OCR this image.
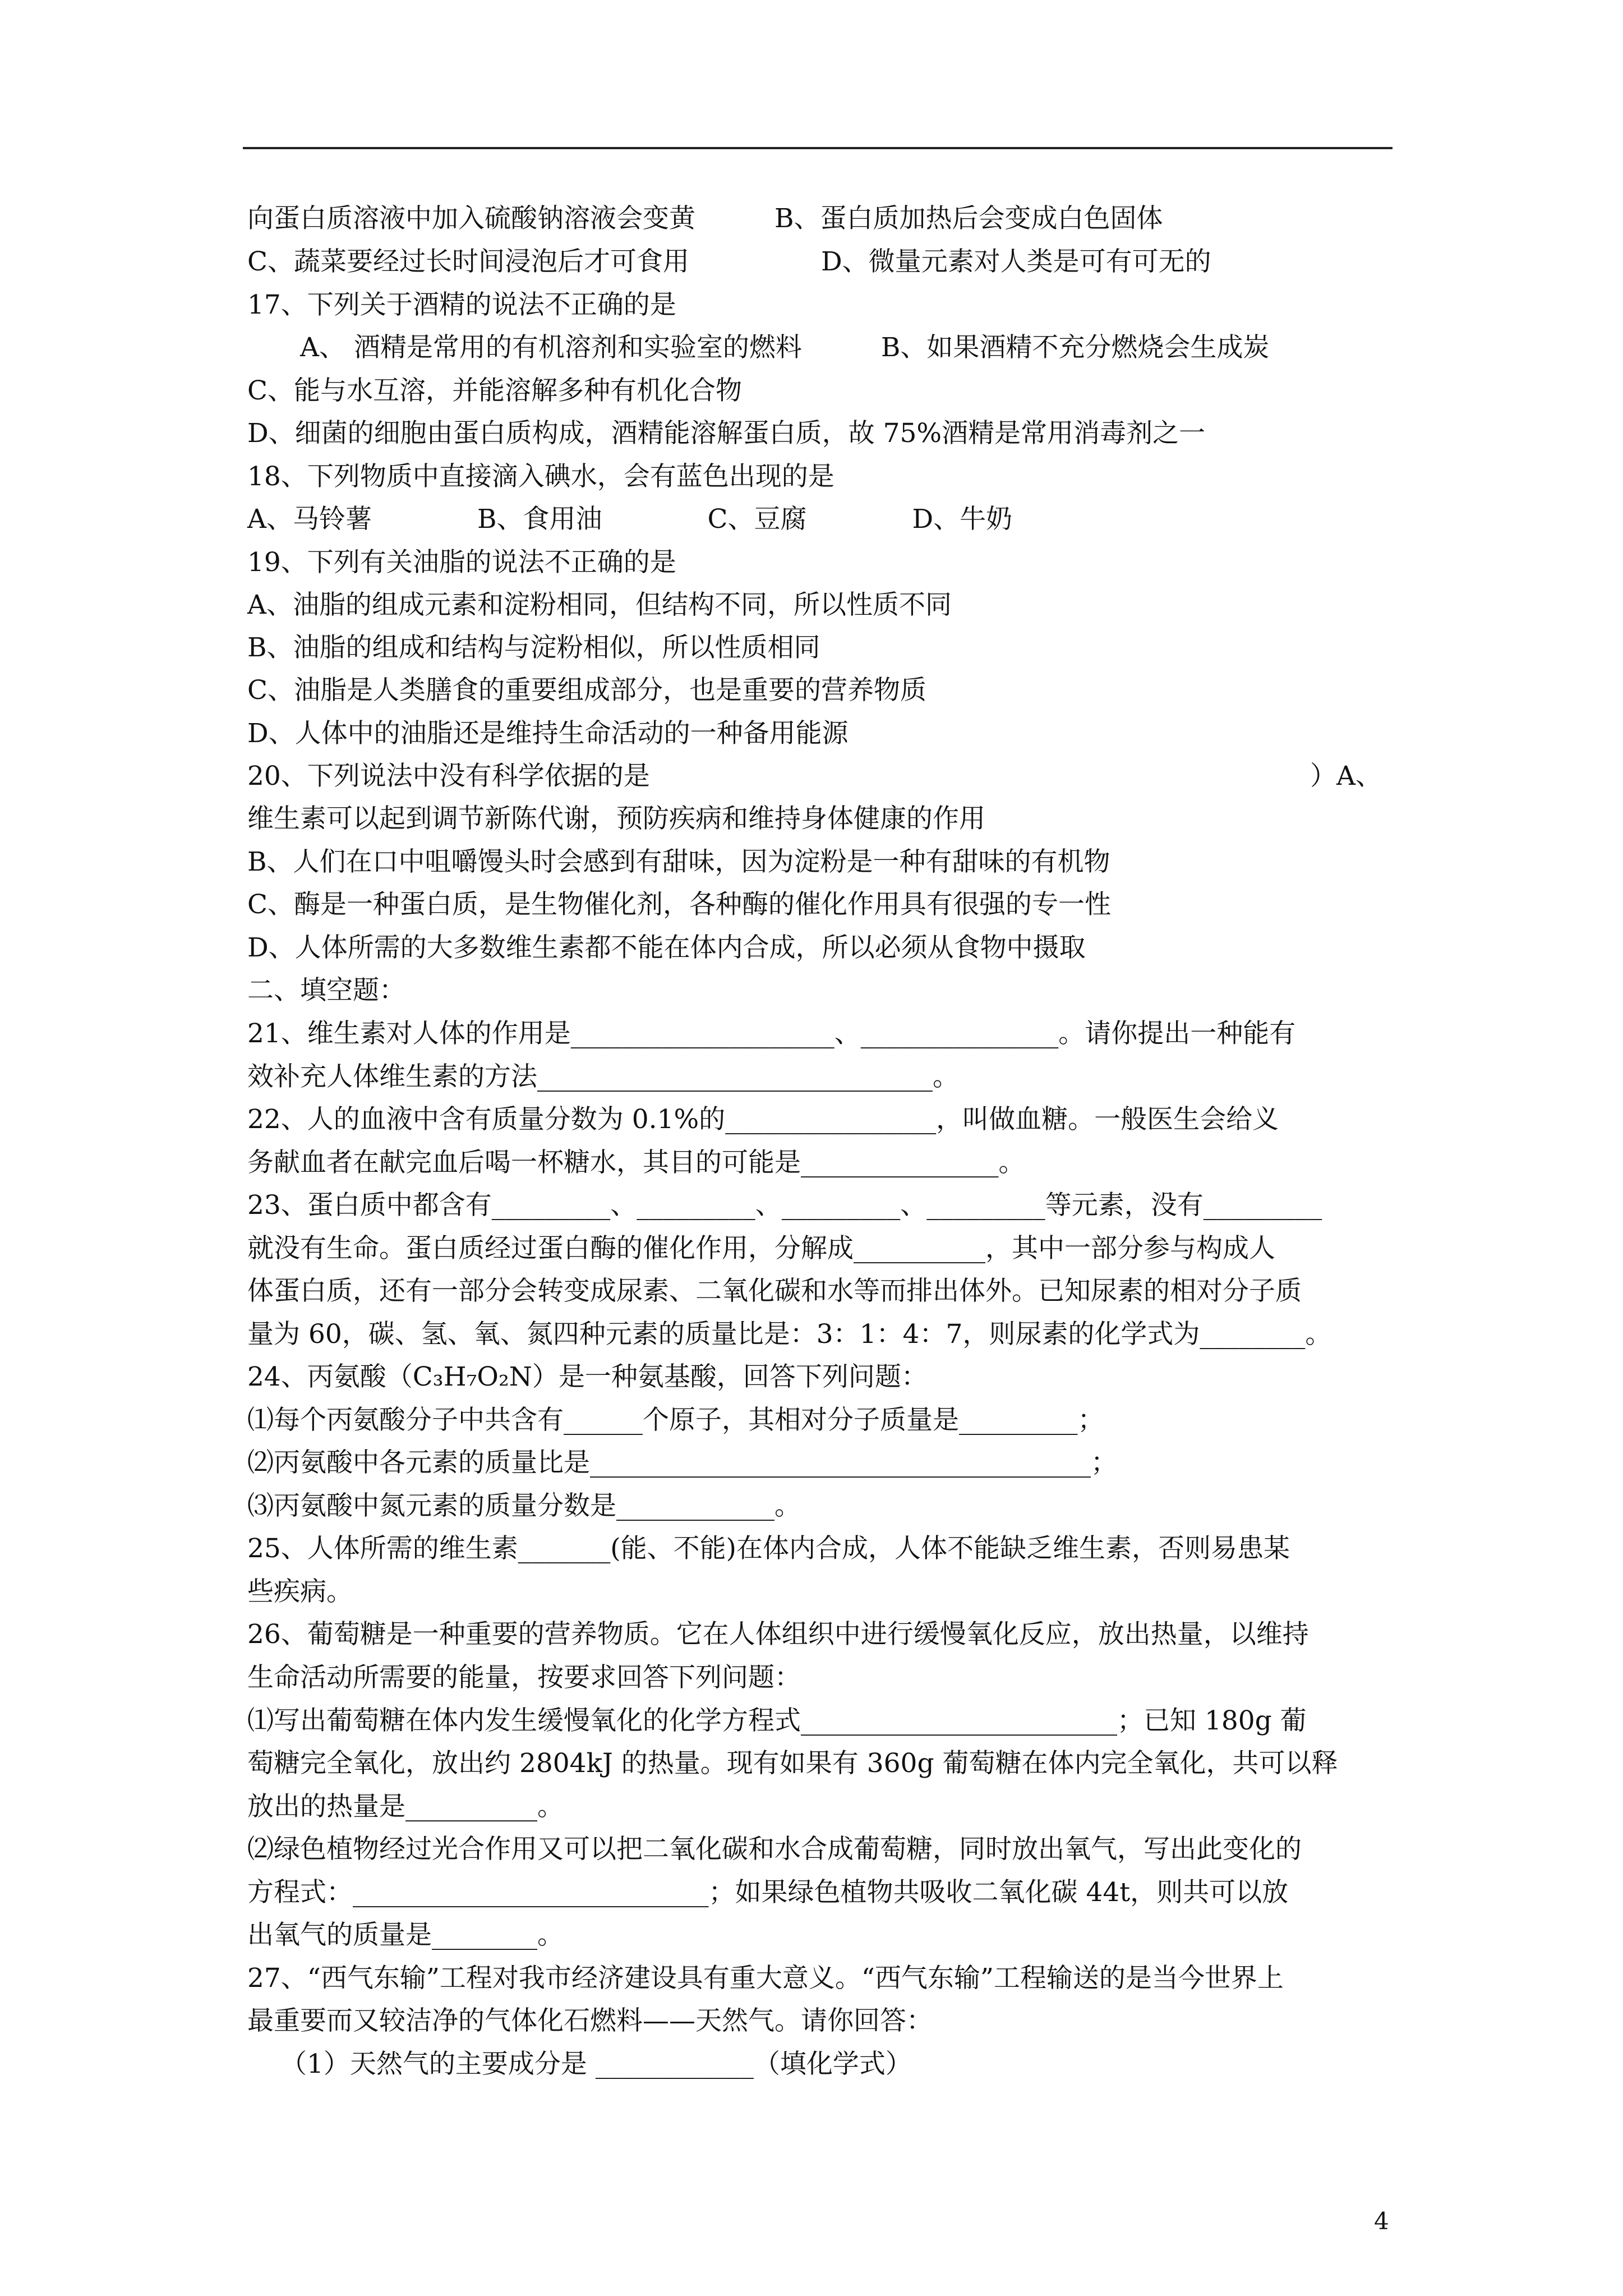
向蛋白质溶液中加入硫酸钠溶液会变黄　　　B、蛋白质加热后会变成白色固体
C、蔬菜要经过长时间浸泡后才可食用　　　　　D、微量元素对人类是可有可无的
17、下列关于酒精的说法不正确的是
A、 酒精是常用的有机溶剂和实验室的燃料　　　B、如果酒精不充分燃烧会生成炭
C、能与水互溶，并能溶解多种有机化合物
D、细菌的细胞由蛋白质构成，酒精能溶解蛋白质，故 75%酒精是常用消毒剂之一
18、下列物质中直接滴入碘水，会有蓝色出现的是
A、马铃薯　　　　B、食用油　　　　C、豆腐　　　　D、牛奶
19、下列有关油脂的说法不正确的是
A、油脂的组成元素和淀粉相同，但结构不同，所以性质不同
B、油脂的组成和结构与淀粉相似，所以性质相同
C、油脂是人类膳食的重要组成部分，也是重要的营养物质
D、人体中的油脂还是维持生命活动的一种备用能源
20、下列说法中没有科学依据的是	）A、
维生素可以起到调节新陈代谢，预防疾病和维持身体健康的作用
B、人们在口中咀嚼馒头时会感到有甜味，因为淀粉是一种有甜味的有机物
C、酶是一种蛋白质，是生物催化剂，各种酶的催化作用具有很强的专一性
D、人体所需的大多数维生素都不能在体内合成，所以必须从食物中摄取
二、填空题：
21、维生素对人体的作用是____________________、_______________。请你提出一种能有
效补充人体维生素的方法______________________________。
22、人的血液中含有质量分数为 0.1%的________________，叫做血糖。一般医生会给义
务献血者在献完血后喝一杯糖水，其目的可能是_______________。
23、蛋白质中都含有_________、_________、_________、_________等元素，没有_________
就没有生命。蛋白质经过蛋白酶的催化作用，分解成__________，其中一部分参与构成人
体蛋白质，还有一部分会转变成尿素、二氧化碳和水等而排出体外。已知尿素的相对分子质
量为 60，碳、氢、氧、氮四种元素的质量比是：3：1：4：7，则尿素的化学式为________。
24、丙氨酸（C₃H₇O₂N）是一种氨基酸，回答下列问题：
⑴每个丙氨酸分子中共含有______个原子，其相对分子质量是_________；
⑵丙氨酸中各元素的质量比是______________________________________；
⑶丙氨酸中氮元素的质量分数是____________。
25、人体所需的维生素_______(能、不能)在体内合成，人体不能缺乏维生素，否则易患某
些疾病。
26、葡萄糖是一种重要的营养物质。它在人体组织中进行缓慢氧化反应，放出热量，以维持
生命活动所需要的能量，按要求回答下列问题：
⑴写出葡萄糖在体内发生缓慢氧化的化学方程式________________________；已知 180g 葡
萄糖完全氧化，放出约 2804kJ 的热量。现有如果有 360g 葡萄糖在体内完全氧化，共可以释
放出的热量是__________。
⑵绿色植物经过光合作用又可以把二氧化碳和水合成葡萄糖，同时放出氧气，写出此变化的
方程式：___________________________；如果绿色植物共吸收二氧化碳 44t，则共可以放
出氧气的质量是________。
27、“西气东输”工程对我市经济建设具有重大意义。“西气东输”工程输送的是当今世界上
最重要而又较洁净的气体化石燃料——天然气。请你回答：
（1）天然气的主要成分是 ____________（填化学式）
4
